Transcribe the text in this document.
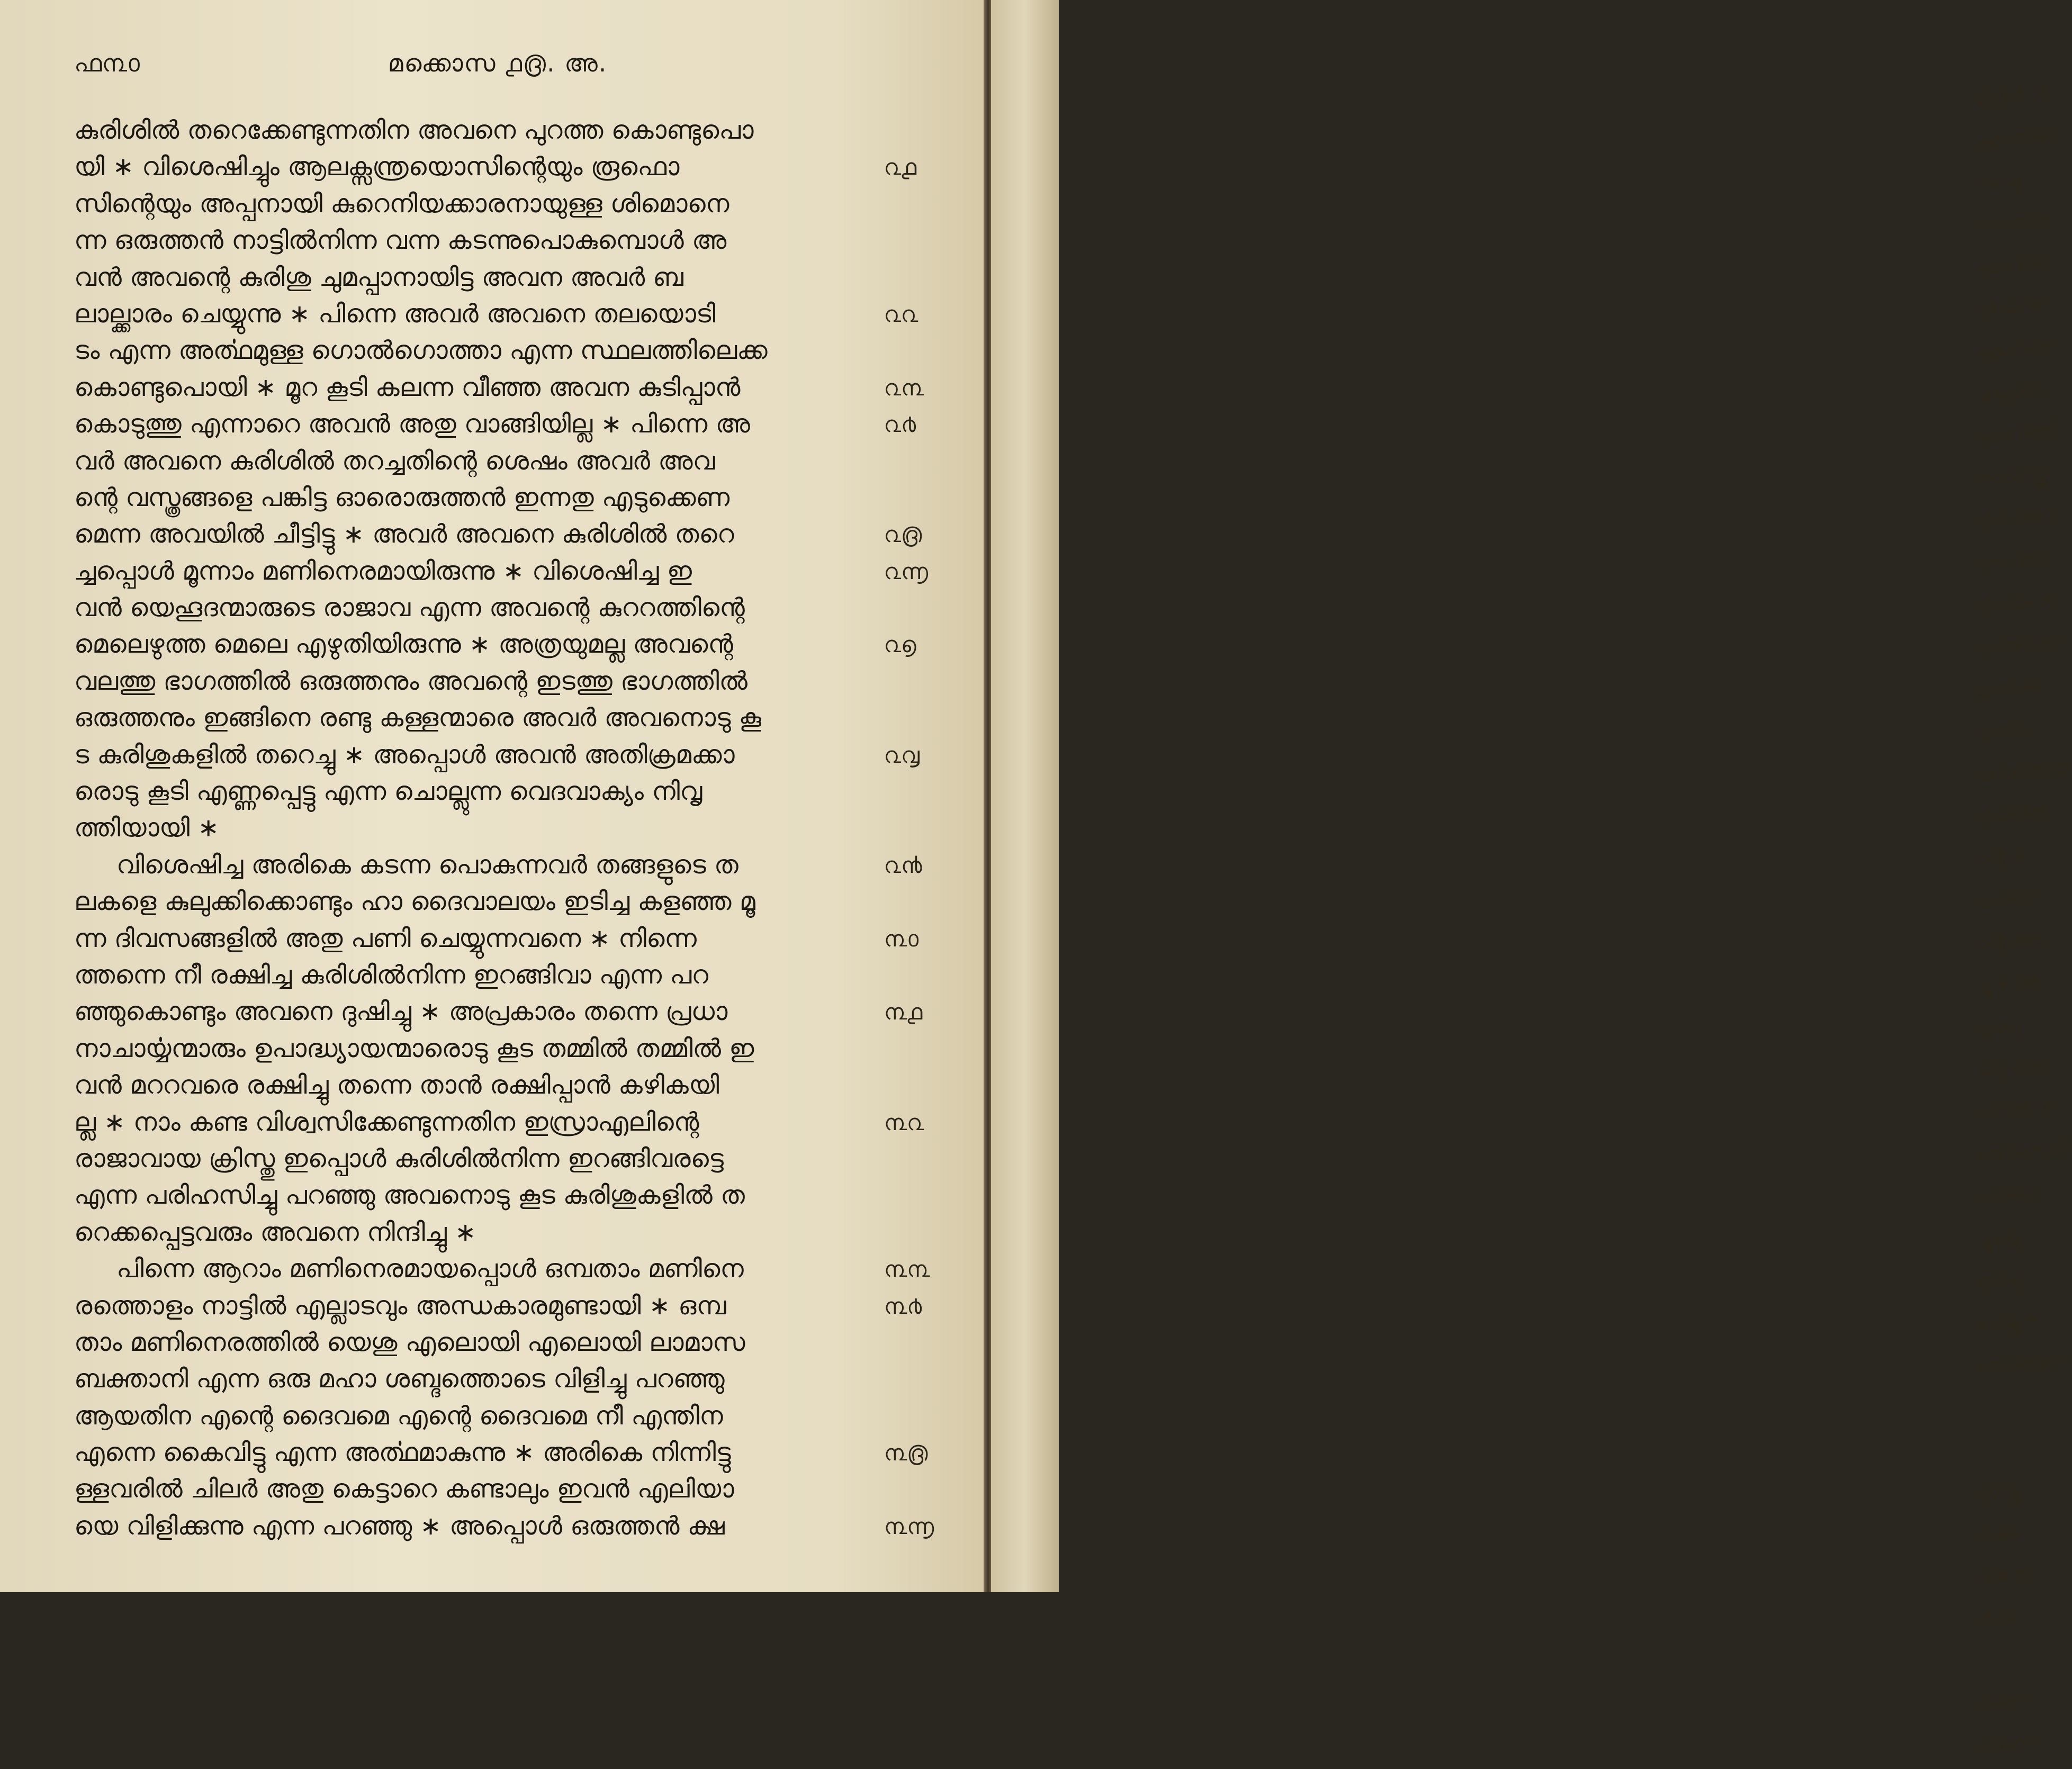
ഫ൩൦	മക്കൊസ ൧൫. അ.
കുരിശിൽ തറെക്കേണ്ടുന്നതിന അവനെ പുറത്ത കൊണ്ടുപൊ
യി ∗ വിശെഷിച്ചും ആലക്സന്ത്രയൊസിന്റെയും രൂഫൊ	൨൧
സിന്റെയും അപ്പനായി കുറെനിയക്കാരനായുള്ള ശിമൊനെ
ന്ന ഒരുത്തൻ നാട്ടിൽനിന്ന വന്ന കടന്നുപൊകുമ്പൊൾ അ
വൻ അവന്റെ കുരിശു ചുമപ്പാനായിട്ട അവന അവർ ബ
ലാല്ക്കാരം ചെയ്യുന്നു ∗ പിന്നെ അവർ അവനെ തലയൊടി	൨൨
ടം എന്ന അൎത്ഥമുള്ള ഗൊൽഗൊത്താ എന്ന സ്ഥലത്തിലെക്ക
കൊണ്ടുപൊയി ∗ മൂറ കൂടി കലന്ന വീഞ്ഞ അവന കുടിപ്പാൻ	൨൩
കൊടുത്തു എന്നാറെ അവൻ അതു വാങ്ങിയില്ല ∗ പിന്നെ അ	൨൪
വർ അവനെ കുരിശിൽ തറച്ചതിന്റെ ശെഷം അവർ അവ
ന്റെ വസ്ത്രങ്ങളെ പങ്കിട്ട ഓരൊരുത്തൻ ഇന്നതു എടുക്കെണ
മെന്ന അവയിൽ ചീട്ടിട്ടു ∗ അവർ അവനെ കുരിശിൽ തറെ	൨൫
ച്ചപ്പൊൾ മൂന്നാം മണിനെരമായിരുന്നു ∗ വിശെഷിച്ച ഇ	൨൬
വൻ യെഹൂദന്മാരുടെ രാജാവ എന്ന അവന്റെ കുററത്തിന്റെ
മെലെഴുത്ത മെലെ എഴുതിയിരുന്നു ∗ അത്രയുമല്ല അവന്റെ	൨൭
വലത്തു ഭാഗത്തിൽ ഒരുത്തനും അവന്റെ ഇടത്തു ഭാഗത്തിൽ
ഒരുത്തനും ഇങ്ങിനെ രണ്ടു കള്ളന്മാരെ അവർ അവനൊടു കൂ
ട കുരിശുകളിൽ തറെച്ചു ∗ അപ്പൊൾ അവൻ അതിക്രമക്കാ	൨൮
രൊടു കൂടി എണ്ണപ്പെട്ടു എന്ന ചൊല്ലുന്ന വെദവാക്യം നിവൃ
ത്തിയായി ∗
വിശെഷിച്ച അരികെ കടന്ന പൊകുന്നവർ തങ്ങളുടെ ത	൨൯
ലകളെ കുലുക്കിക്കൊണ്ടും ഹാ ദൈവാലയം ഇടിച്ച കളഞ്ഞ മൂ
ന്ന ദിവസങ്ങളിൽ അതു പണി ചെയ്യുന്നവനെ ∗ നിന്നെ	൩൦
ത്തന്നെ നീ രക്ഷിച്ച കുരിശിൽനിന്ന ഇറങ്ങിവാ എന്ന പറ
ഞ്ഞുകൊണ്ടും അവനെ ദുഷിച്ചു ∗ അപ്രകാരം തന്നെ പ്രധാ	൩൧
നാചാൎയ്യന്മാരും ഉപാദ്ധ്യായന്മാരൊടു കൂട തമ്മിൽ തമ്മിൽ ഇ
വൻ മററവരെ രക്ഷിച്ചു തന്നെ താൻ രക്ഷിപ്പാൻ കഴികയി
ല്ല ∗ നാം കണ്ട വിശ്വസിക്കേണ്ടുന്നതിന ഇസ്രാഎലിന്റെ	൩൨
രാജാവായ ക്രിസ്തു ഇപ്പൊൾ കുരിശിൽനിന്ന ഇറങ്ങിവരട്ടെ
എന്ന പരിഹസിച്ചു പറഞ്ഞു അവനൊടു കൂട കുരിശുകളിൽ ത
റെക്കപ്പെട്ടവരും അവനെ നിന്ദിച്ചു ∗
പിന്നെ ആറാം മണിനെരമായപ്പൊൾ ഒമ്പതാം മണിനെ	൩൩
രത്തൊളം നാട്ടിൽ എല്ലാടവും അന്ധകാരമുണ്ടായി ∗ ഒമ്പ	൩൪
താം മണിനെരത്തിൽ യെശു എലൊയി എലൊയി ലാമാസ
ബക്താനി എന്ന ഒരു മഹാ ശബ്ദത്തൊടെ വിളിച്ചു പറഞ്ഞു
ആയതിന എന്റെ ദൈവമെ എന്റെ ദൈവമെ നീ എന്തിന
എന്നെ കൈവിട്ടു എന്ന അൎത്ഥമാകുന്നു ∗ അരികെ നിന്നിട്ടു	൩൫
ള്ളവരിൽ ചിലർ അതു കെട്ടാറെ കണ്ടാലും ഇവൻ എലിയാ
യെ വിളിക്കുന്നു എന്ന പറഞ്ഞു ∗ അപ്പൊൾ ഒരുത്തൻ ക്ഷ	൩൬
മിപ്പിൻ ൻ
കാണെണ
നിറച്ചു
ന്ന യെശു
ദൈവാല
യി ചിന്തി
കെ നിന്നി
ച്ച പ്രാണ
ദൈവത്തി
നാൽ സ്ത്രീ
രിൻ (അവ
ടന്ന അവ
രിയയും ശ
അമ്മയായ
ലിലെക്ക
പിന്നെ
വസമായിരു
രിയയിൽ
ന്റെ ര
യ യൊ
ന്റെ അടു
ച്ചു ∗ അ
ൎയ്യപ്പെ
ചിട്ട നെര
അവൻ ശ
യൊസെഫി
ലവിലെ
ച്ചുകല്ലു
ത്രപ്പെ
ചെയ്തു ∗
സെഫയുടെ
ക്രിസ്തു
യക്കും
വൻ ൽ
ൻ ൻ
പിന്നെ
ലെന്നെ
